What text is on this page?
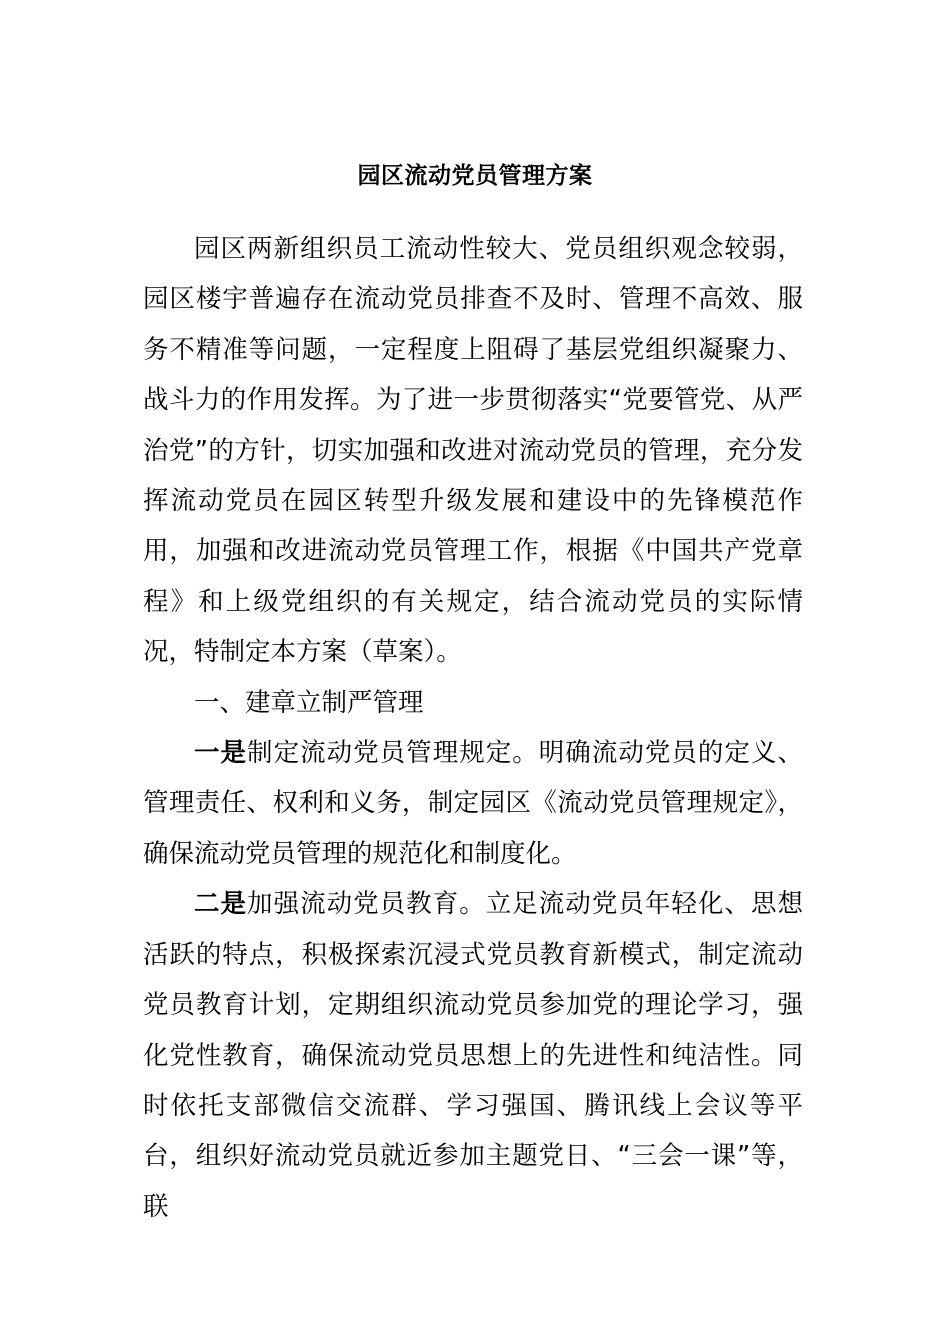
园区流动党员管理方案

园区两新组织员工流动性较大、党员组织观念较弱，园区楼宇普遍存在流动党员排查不及时、管理不高效、服务不精准等问题，一定程度上阻碍了基层党组织凝聚力、战斗力的作用发挥。为了进一步贯彻落实“党要管党、从严治党”的方针，切实加强和改进对流动党员的管理，充分发挥流动党员在园区转型升级发展和建设中的先锋模范作用，加强和改进流动党员管理工作，根据《中国共产党章程》和上级党组织的有关规定，结合流动党员的实际情况，特制定本方案（草案）。

一、建章立制严管理

一是制定流动党员管理规定。明确流动党员的定义、管理责任、权利和义务，制定园区《流动党员管理规定》，确保流动党员管理的规范化和制度化。

二是加强流动党员教育。立足流动党员年轻化、思想活跃的特点，积极探索沉浸式党员教育新模式，制定流动党员教育计划，定期组织流动党员参加党的理论学习，强化党性教育，确保流动党员思想上的先进性和纯洁性。同时依托支部微信交流群、学习强国、腾讯线上会议等平台，组织好流动党员就近参加主题党日、“三会一课”等，联
